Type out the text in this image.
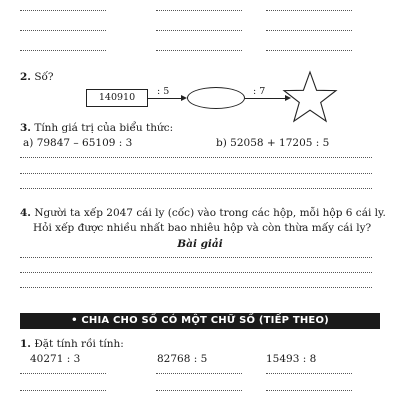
2. Số?
140910
: 5	: 7
3. Tính giá trị của biểu thức:
a) 79847 – 65109 : 3	b) 52058 + 17205 : 5
4. Người ta xếp 2047 cái ly (cốc) vào trong các hộp, mỗi hộp 6 cái ly.
Hỏi xếp được nhiều nhất bao nhiêu hộp và còn thừa mấy cái ly?
Bài giải
• CHIA CHO SỐ CÓ MỘT CHỮ SỐ (TIẾP THEO)
1. Đặt tính rồi tính:
40271 : 3	82768 : 5	15493 : 8
